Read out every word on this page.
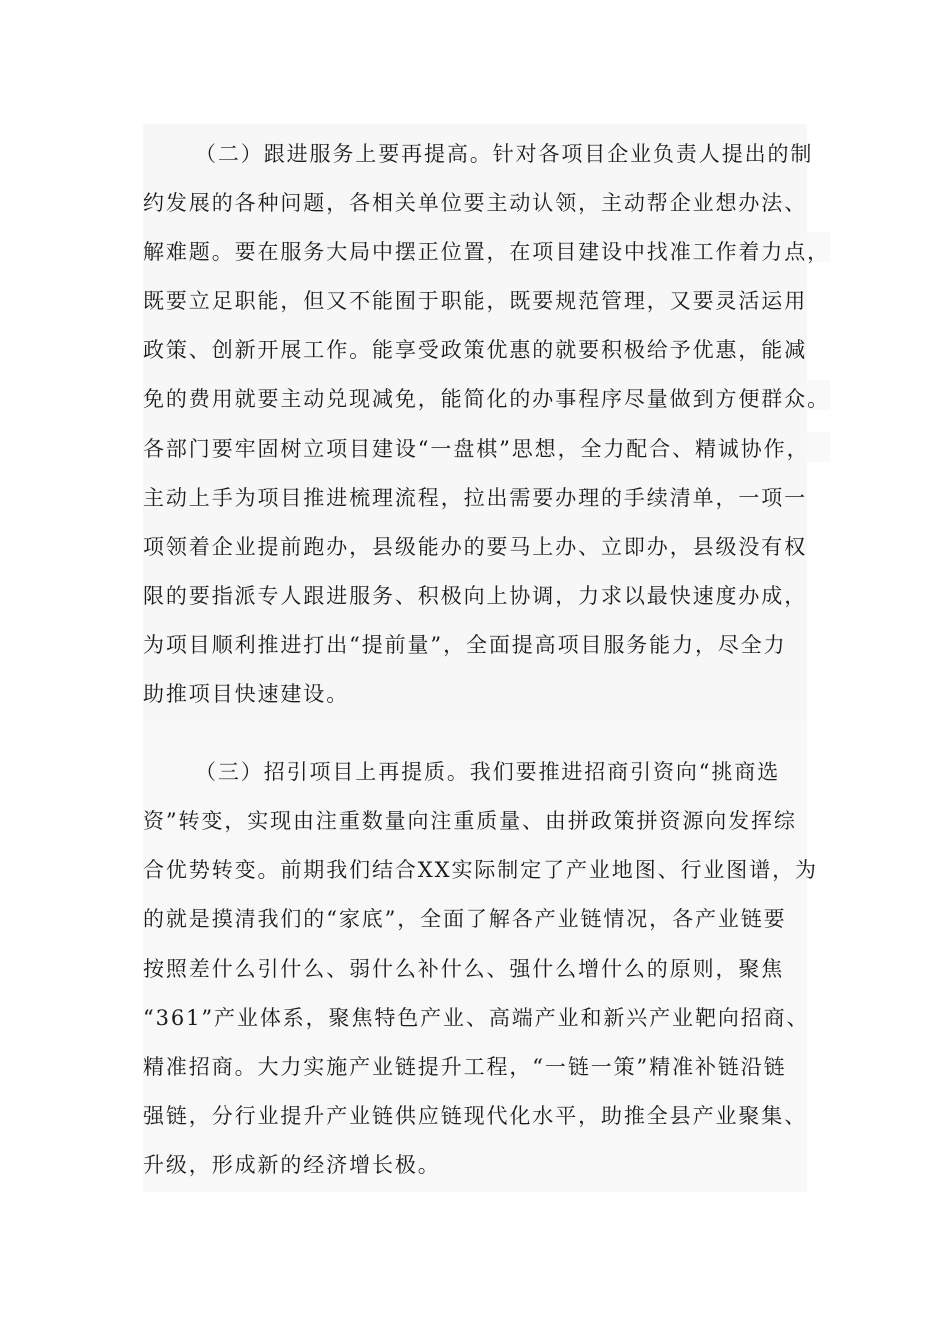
（二）跟进服务上要再提高。针对各项目企业负责人提出的制
约发展的各种问题，各相关单位要主动认领，主动帮企业想办法、
解难题。要在服务大局中摆正位置，在项目建设中找准工作着力点，
既要立足职能，但又不能囿于职能，既要规范管理，又要灵活运用
政策、创新开展工作。能享受政策优惠的就要积极给予优惠，能减
免的费用就要主动兑现减免，能简化的办事程序尽量做到方便群众。
各部门要牢固树立项目建设“一盘棋”思想，全力配合、精诚协作，
主动上手为项目推进梳理流程，拉出需要办理的手续清单，一项一
项领着企业提前跑办，县级能办的要马上办、立即办，县级没有权
限的要指派专人跟进服务、积极向上协调，力求以最快速度办成，
为项目顺利推进打出“提前量”，全面提高项目服务能力，尽全力
助推项目快速建设。
（三）招引项目上再提质。我们要推进招商引资向“挑商选
资”转变，实现由注重数量向注重质量、由拼政策拼资源向发挥综
合优势转变。前期我们结合XX实际制定了产业地图、行业图谱，为
的就是摸清我们的“家底”，全面了解各产业链情况，各产业链要
按照差什么引什么、弱什么补什么、强什么增什么的原则，聚焦
“361”产业体系，聚焦特色产业、高端产业和新兴产业靶向招商、
精准招商。大力实施产业链提升工程，“一链一策”精准补链沿链
强链，分行业提升产业链供应链现代化水平，助推全县产业聚集、
升级，形成新的经济增长极。
